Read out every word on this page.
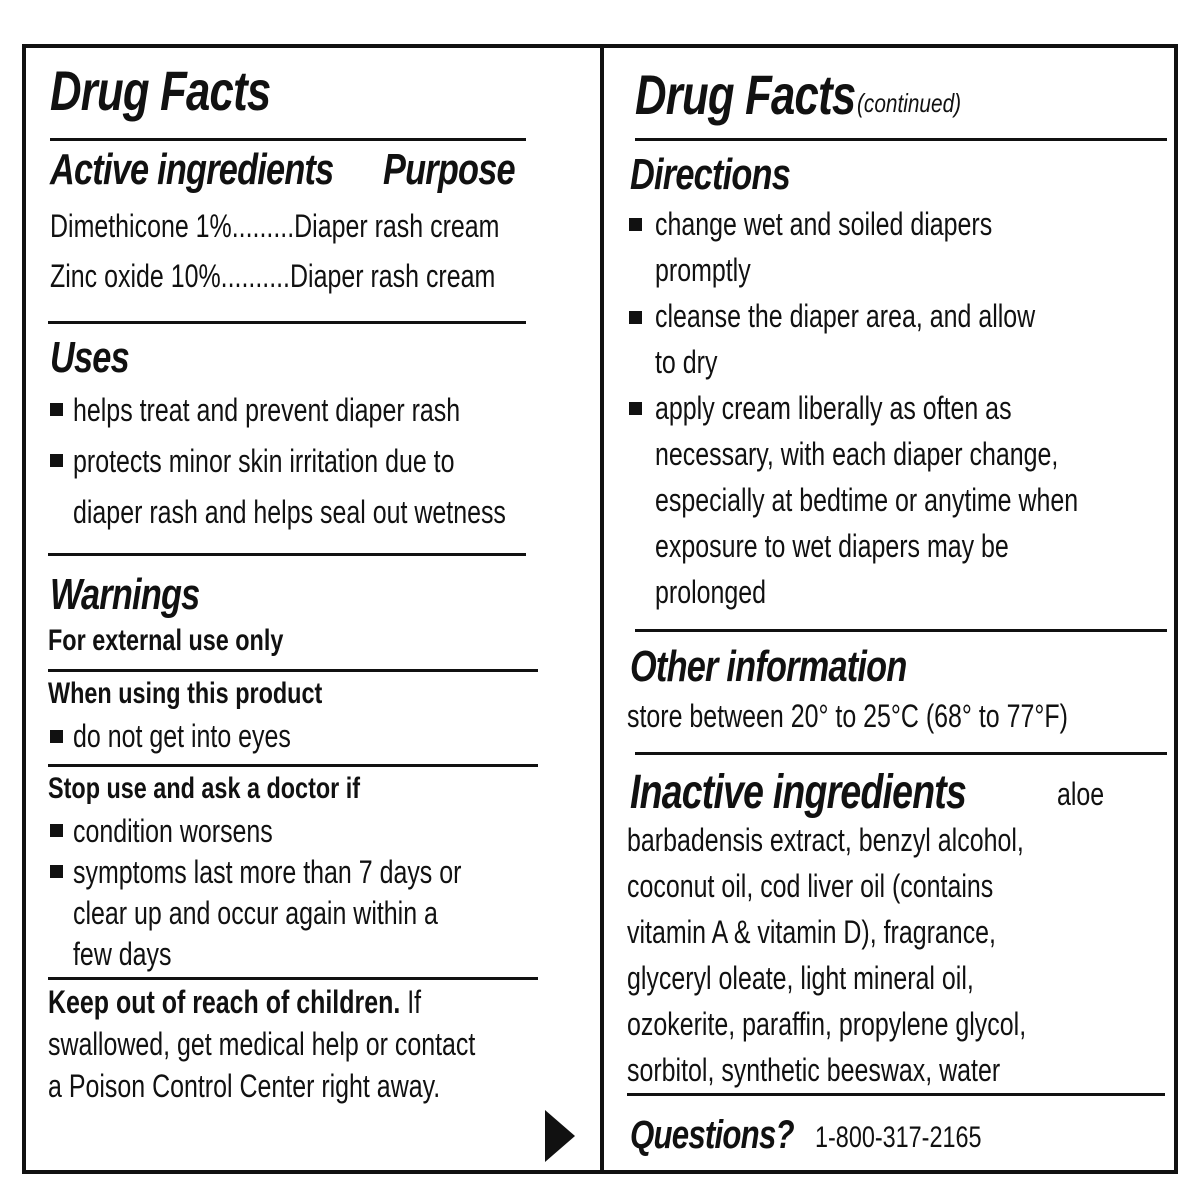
Drug Facts
Active ingredients	Purpose
Dimethicone 1%.........Diaper rash cream
Zinc oxide 10%..........Diaper rash cream
Uses
helps treat and prevent diaper rash
protects minor skin irritation due to
diaper rash and helps seal out wetness
Warnings
For external use only
When using this product
do not get into eyes
Stop use and ask a doctor if
condition worsens
symptoms last more than 7 days or
clear up and occur again within a
few days
Keep out of reach of children. If
swallowed, get medical help or contact
a Poison Control Center right away.
Drug Facts (continued)
Directions
change wet and soiled diapers
promptly
cleanse the diaper area, and allow
to dry
apply cream liberally as often as
necessary, with each diaper change,
especially at bedtime or anytime when
exposure to wet diapers may be
prolonged
Other information
store between 20° to 25°C (68° to 77°F)
Inactive ingredients	aloe
barbadensis extract, benzyl alcohol,
coconut oil, cod liver oil (contains
vitamin A & vitamin D), fragrance,
glyceryl oleate, light mineral oil,
ozokerite, paraffin, propylene glycol,
sorbitol, synthetic beeswax, water
Questions? 1-800-317-2165
